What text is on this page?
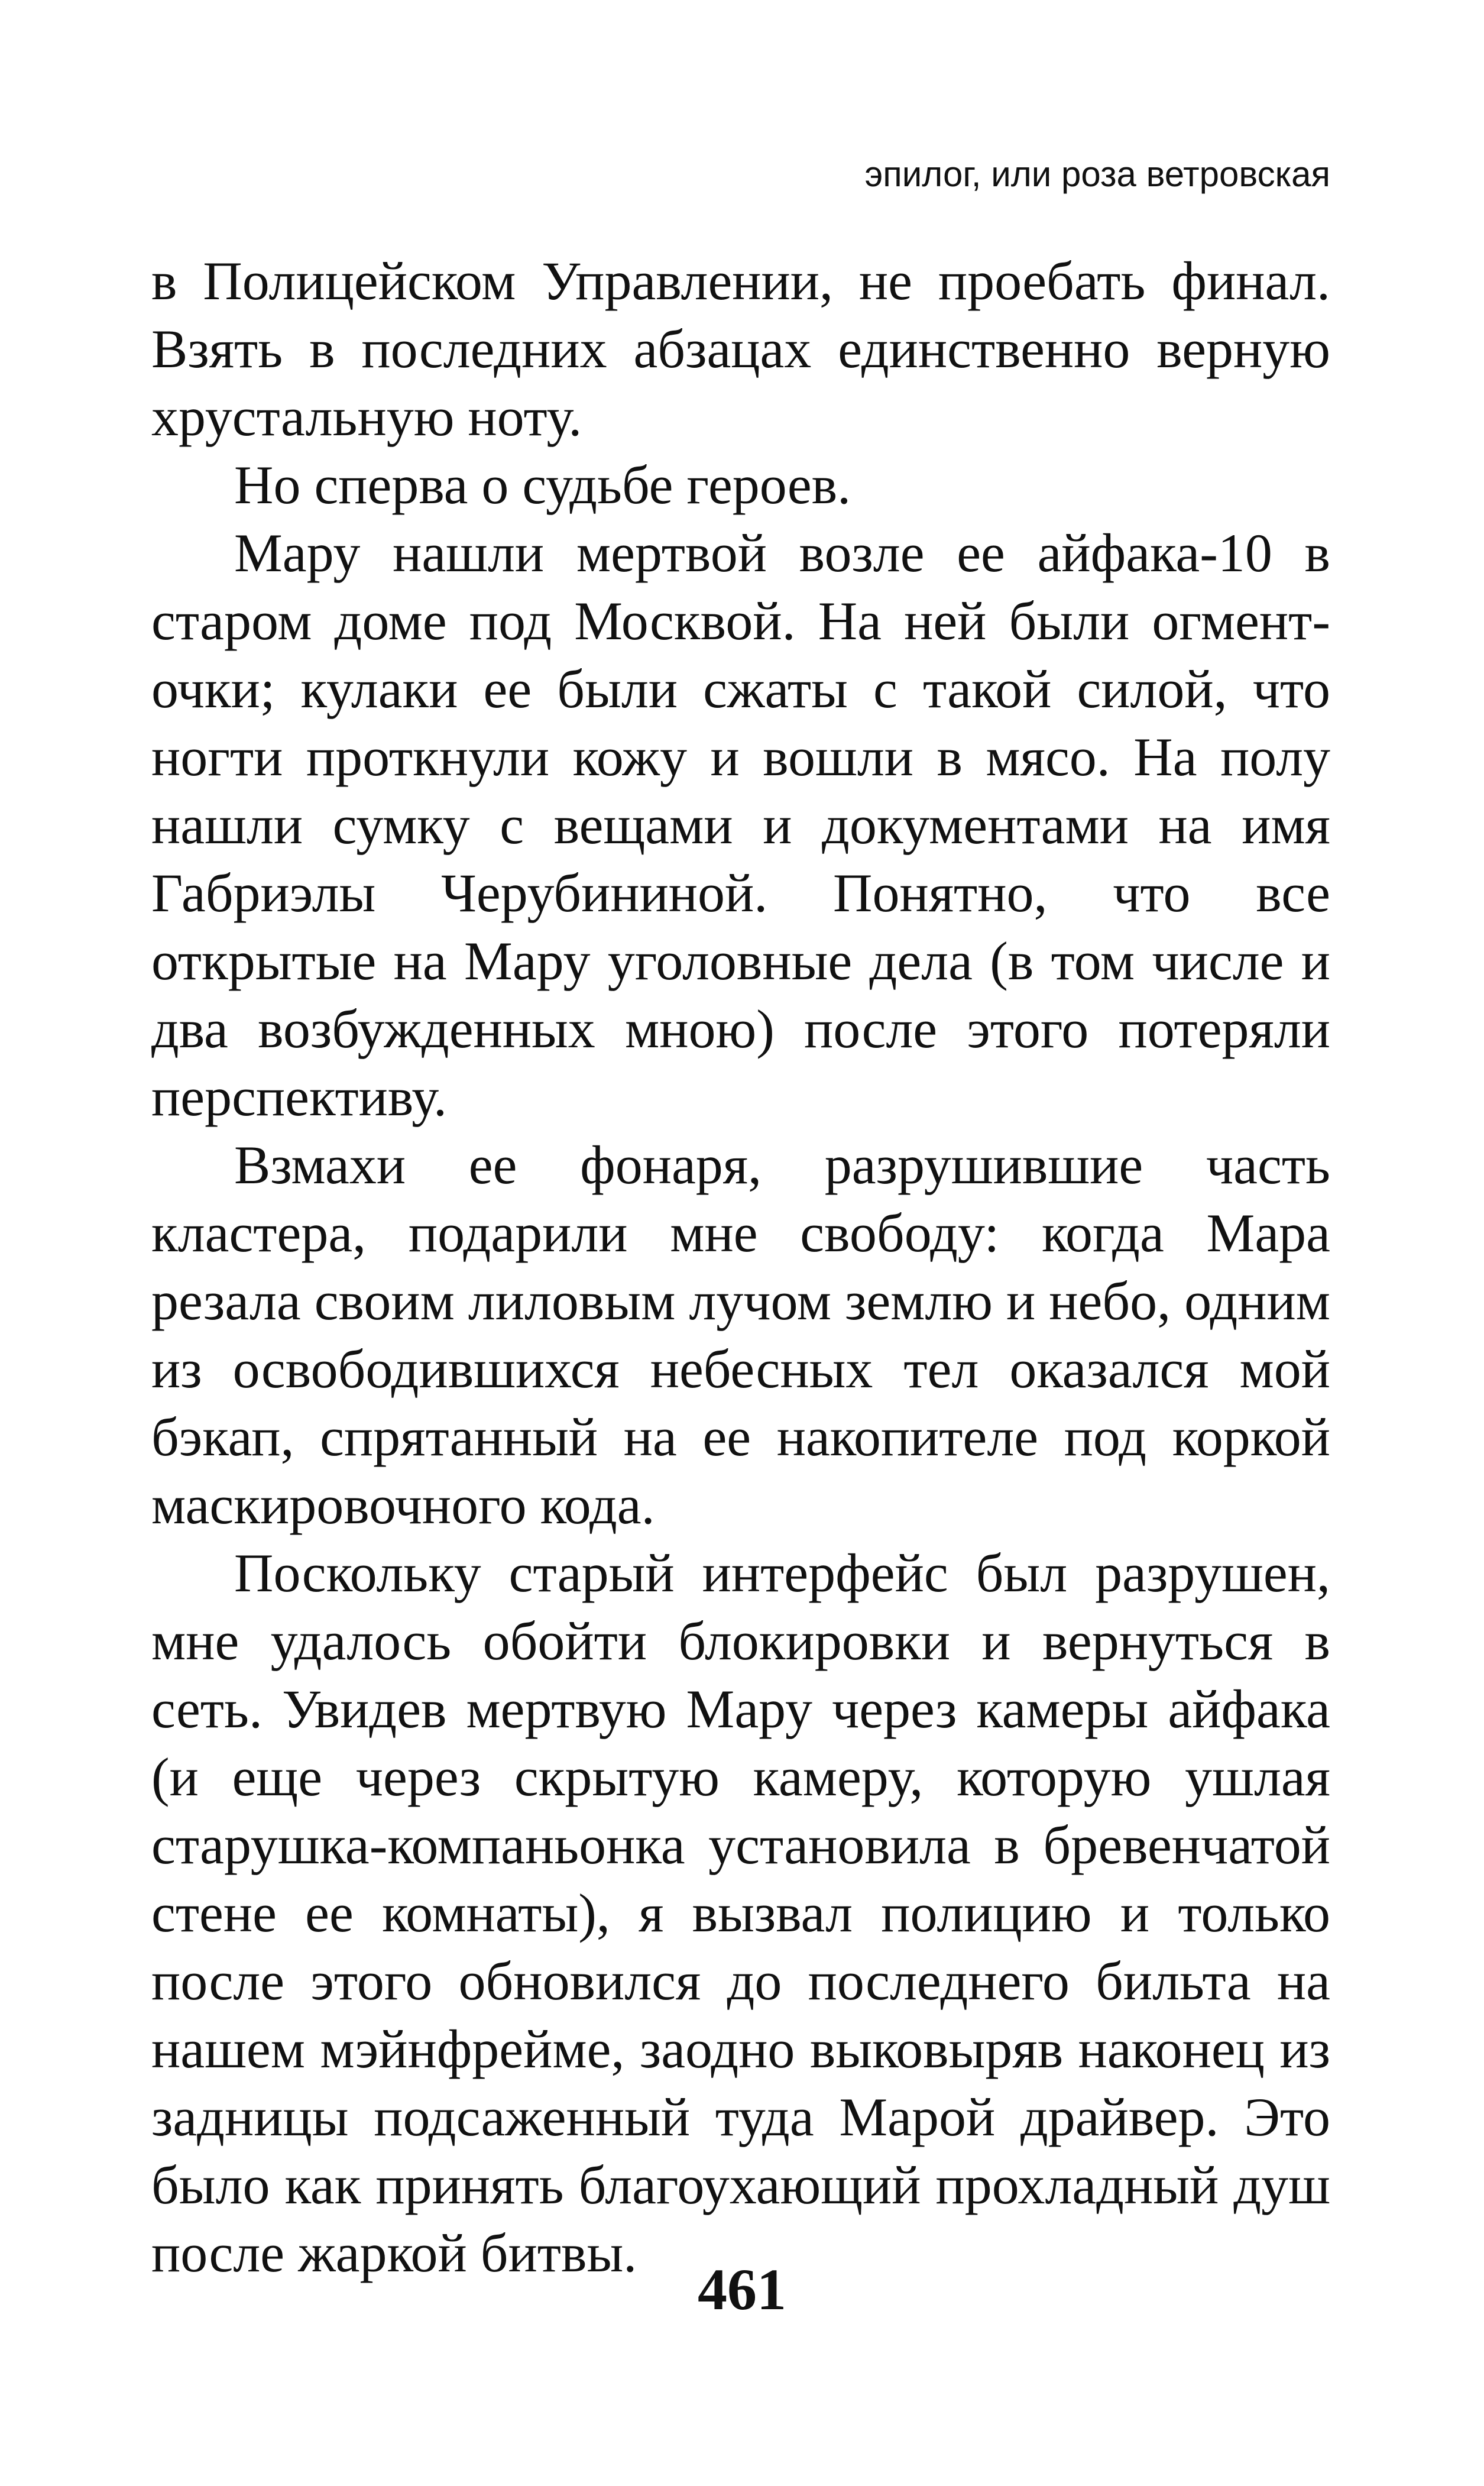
эпилог, или роза ветровская

в Полицейском Управлении, не проебать финал. Взять в последних абзацах единственно верную хрустальную ноту.

Но сперва о судьбе героев.

Мару нашли мертвой возле ее айфака-10 в старом доме под Москвой. На ней были огменточки; кулаки ее были сжаты с такой силой, что ногти проткнули кожу и вошли в мясо. На полу нашли сумку с вещами и документами на имя Габриэлы Черубининой. Понятно, что все открытые на Мару уголовные дела (в том числе и два возбужденных мною) после этого потеряли перспективу.

Взмахи ее фонаря, разрушившие часть кластера, подарили мне свободу: когда Мара резала своим лиловым лучом землю и небо, одним из освободившихся небесных тел оказался мой бэкап, спрятанный на ее накопителе под коркой маскировочного кода.

Поскольку старый интерфейс был разрушен, мне удалось обойти блокировки и вернуться в сеть. Увидев мертвую Мару через камеры айфака (и еще через скрытую камеру, которую ушлая старушка-компаньонка установила в бревенчатой стене ее комнаты), я вызвал полицию и только после этого обновился до последнего бильта на нашем мэйнфрейме, заодно выковыряв наконец из задницы подсаженный туда Марой драйвер. Это было как принять благоухающий прохладный душ после жаркой битвы.

461
